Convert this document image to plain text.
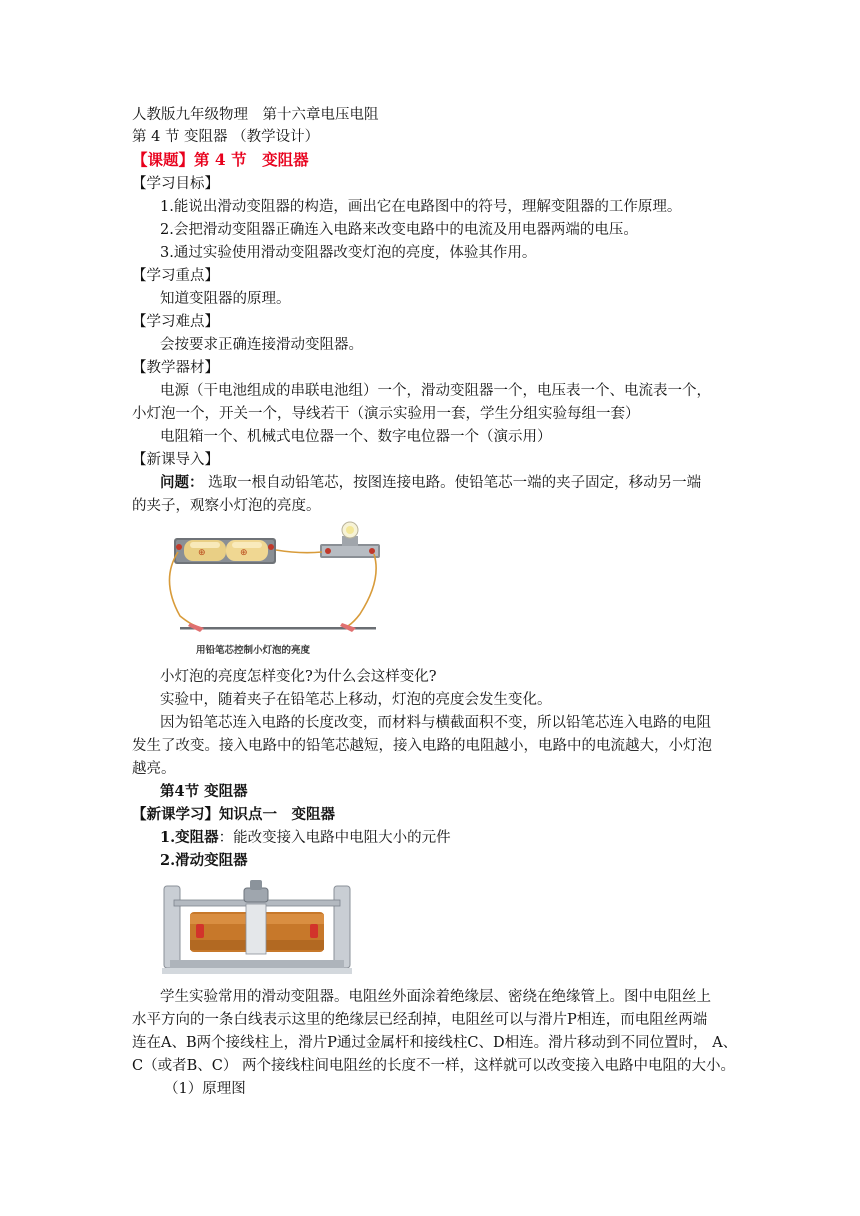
人教版九年级物理　第十六章电压电阻
第 4 节 变阻器 （教学设计）
【课题】第 4 节　变阻器
【学习目标】
1.能说出滑动变阻器的构造，画出它在电路图中的符号，理解变阻器的工作原理。
2.会把滑动变阻器正确连入电路来改变电路中的电流及用电器两端的电压。
3.通过实验使用滑动变阻器改变灯泡的亮度，体验其作用。
【学习重点】
知道变阻器的原理。
【学习难点】
会按要求正确连接滑动变阻器。
【教学器材】
电源（干电池组成的串联电池组）一个，滑动变阻器一个，电压表一个、电流表一个，
小灯泡一个，开关一个，导线若干（演示实验用一套，学生分组实验每组一套）
电阻箱一个、机械式电位器一个、数字电位器一个（演示用）
【新课导入】
问题： 选取一根自动铅笔芯，按图连接电路。使铅笔芯一端的夹子固定，移动另一端
的夹子，观察小灯泡的亮度。
⊕	⊕
用铅笔芯控制小灯泡的亮度
小灯泡的亮度怎样变化?为什么会这样变化?
实验中，随着夹子在铅笔芯上移动，灯泡的亮度会发生变化。
因为铅笔芯连入电路的长度改变，而材料与横截面积不变，所以铅笔芯连入电路的电阻
发生了改变。接入电路中的铅笔芯越短，接入电路的电阻越小，电路中的电流越大，小灯泡
越亮。
第4节 变阻器
【新课学习】知识点一　变阻器
1.变阻器：能改变接入电路中电阻大小的元件
2.滑动变阻器
学生实验常用的滑动变阻器。电阻丝外面涂着绝缘层、密绕在绝缘管上。图中电阻丝上
水平方向的一条白线表示这里的绝缘层已经刮掉，电阻丝可以与滑片P相连，而电阻丝两端
连在A、B两个接线柱上，滑片P通过金属杆和接线柱C、D相连。滑片移动到不同位置时， A、
C（或者B、C） 两个接线柱间电阻丝的长度不一样，这样就可以改变接入电路中电阻的大小。
（1）原理图
